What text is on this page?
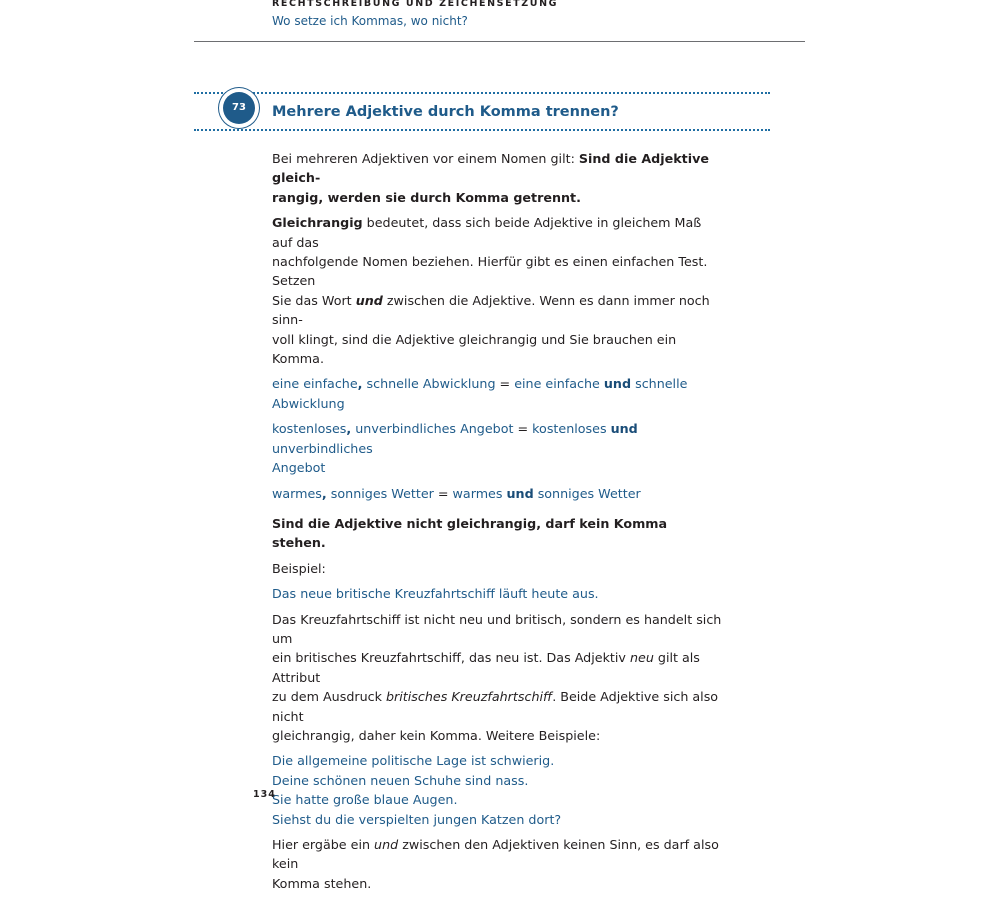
RECHTSCHREIBUNG UND ZEICHENSETZUNG
Wo setze ich Kommas, wo nicht?
73	Mehrere Adjektive durch Komma trennen?
Bei mehreren Adjektiven vor einem Nomen gilt: Sind die Adjektive gleich-
rangig, werden sie durch Komma getrennt.
Gleichrangig bedeutet, dass sich beide Adjektive in gleichem Maß auf das
nachfolgende Nomen beziehen. Hierfür gibt es einen einfachen Test. Setzen
Sie das Wort und zwischen die Adjektive. Wenn es dann immer noch sinn-
voll klingt, sind die Adjektive gleichrangig und Sie brauchen ein Komma.
eine einfache, schnelle Abwicklung = eine einfache und schnelle
Abwicklung
kostenloses, unverbindliches Angebot = kostenloses und unverbindliches
Angebot
warmes, sonniges Wetter = warmes und sonniges Wetter
Sind die Adjektive nicht gleichrangig, darf kein Komma stehen.
Beispiel:
Das neue britische Kreuzfahrtschiff läuft heute aus.
Das Kreuzfahrtschiff ist nicht neu und britisch, sondern es handelt sich um
ein britisches Kreuzfahrtschiff, das neu ist. Das Adjektiv neu gilt als Attribut
zu dem Ausdruck britisches Kreuzfahrtschiff. Beide Adjektive sich also nicht
gleichrangig, daher kein Komma. Weitere Beispiele:
Die allgemeine politische Lage ist schwierig.
Deine schönen neuen Schuhe sind nass.
Sie hatte große blaue Augen.
Siehst du die verspielten jungen Katzen dort?
Hier ergäbe ein und zwischen den Adjektiven keinen Sinn, es darf also kein
Komma stehen.
134
